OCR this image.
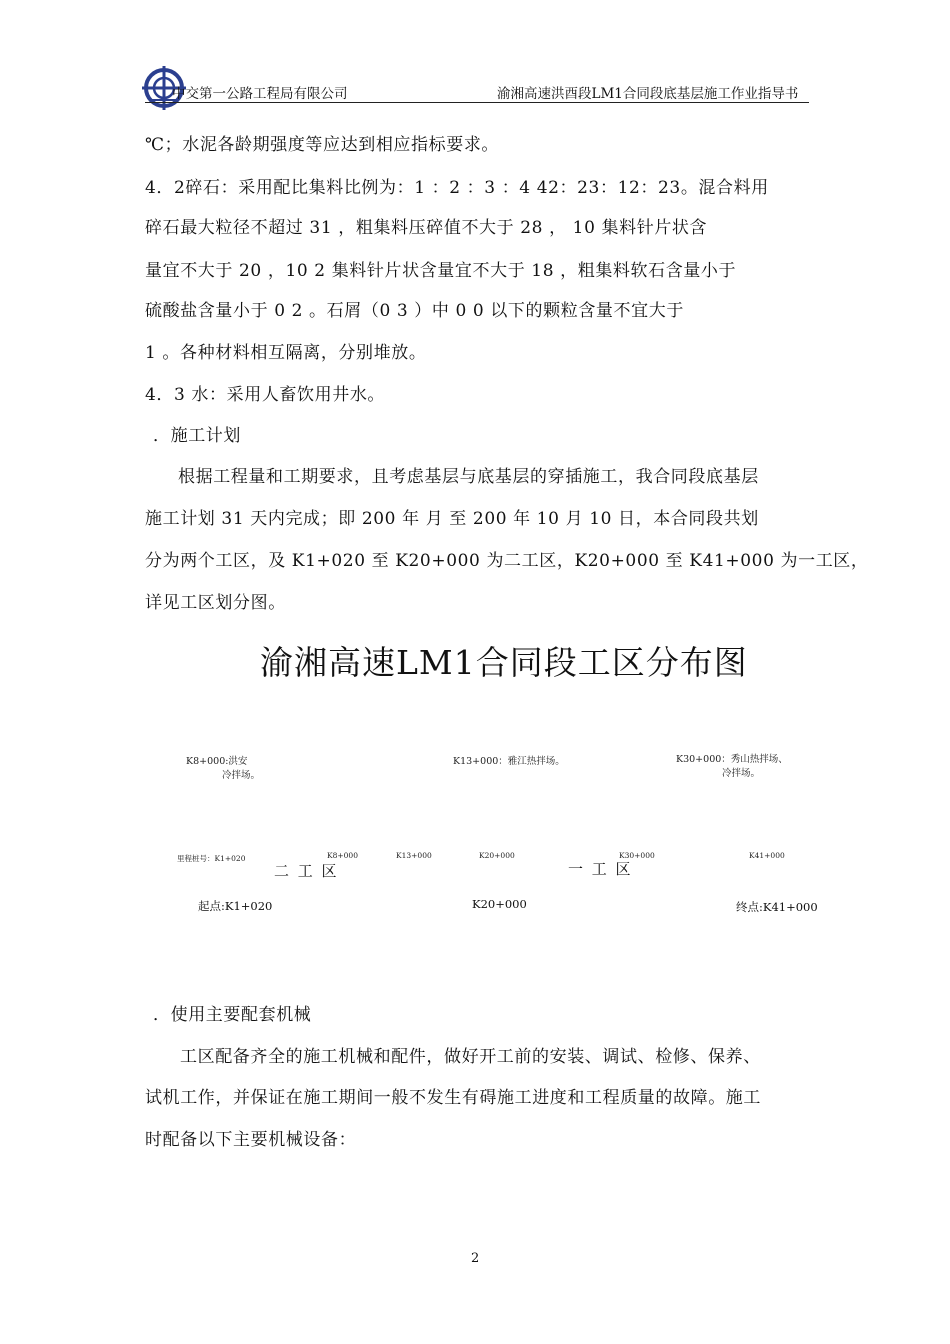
中交第一公路工程局有限公司	渝湘高速洪酉段LM1合同段底基层施工作业指导书
℃；水泥各龄期强度等应达到相应指标要求。
4．2碎石：采用配比集料比例为：1 ：2 ：3 ：4 42：23：12：23。混合料用
碎石最大粒径不超过 31 ，粗集料压碎值不大于 28 ， 10 集料针片状含
量宜不大于 20 ，10 2 集料针片状含量宜不大于 18 ，粗集料软石含量小于
硫酸盐含量小于 0 2 。石屑（0 3 ）中 0 0 以下的颗粒含量不宜大于
1 。各种材料相互隔离，分别堆放。
4．3 水：采用人畜饮用井水。
．施工计划
根据工程量和工期要求，且考虑基层与底基层的穿插施工，我合同段底基层
施工计划 31 天内完成；即 200 年 月 至 200 年 10 月 10 日，本合同段共划
分为两个工区，及 K1+020 至 K20+000 为二工区，K20+000 至 K41+000 为一工区，
详见工区划分图。
渝湘高速LM1合同段工区分布图
K8+000:洪安
冷拌场。
K13+000：雅江热拌场。	K30+000：秀山热拌场、
冷拌场。
里程桩号：K1+020	K8+000	K13+000	K20+000	K30+000	K41+000
二 工 区	一 工 区
起点:K1+020	K20+000	终点:K41+000
．使用主要配套机械
工区配备齐全的施工机械和配件，做好开工前的安装、调试、检修、保养、
试机工作，并保证在施工期间一般不发生有碍施工进度和工程质量的故障。施工
时配备以下主要机械设备：
2
